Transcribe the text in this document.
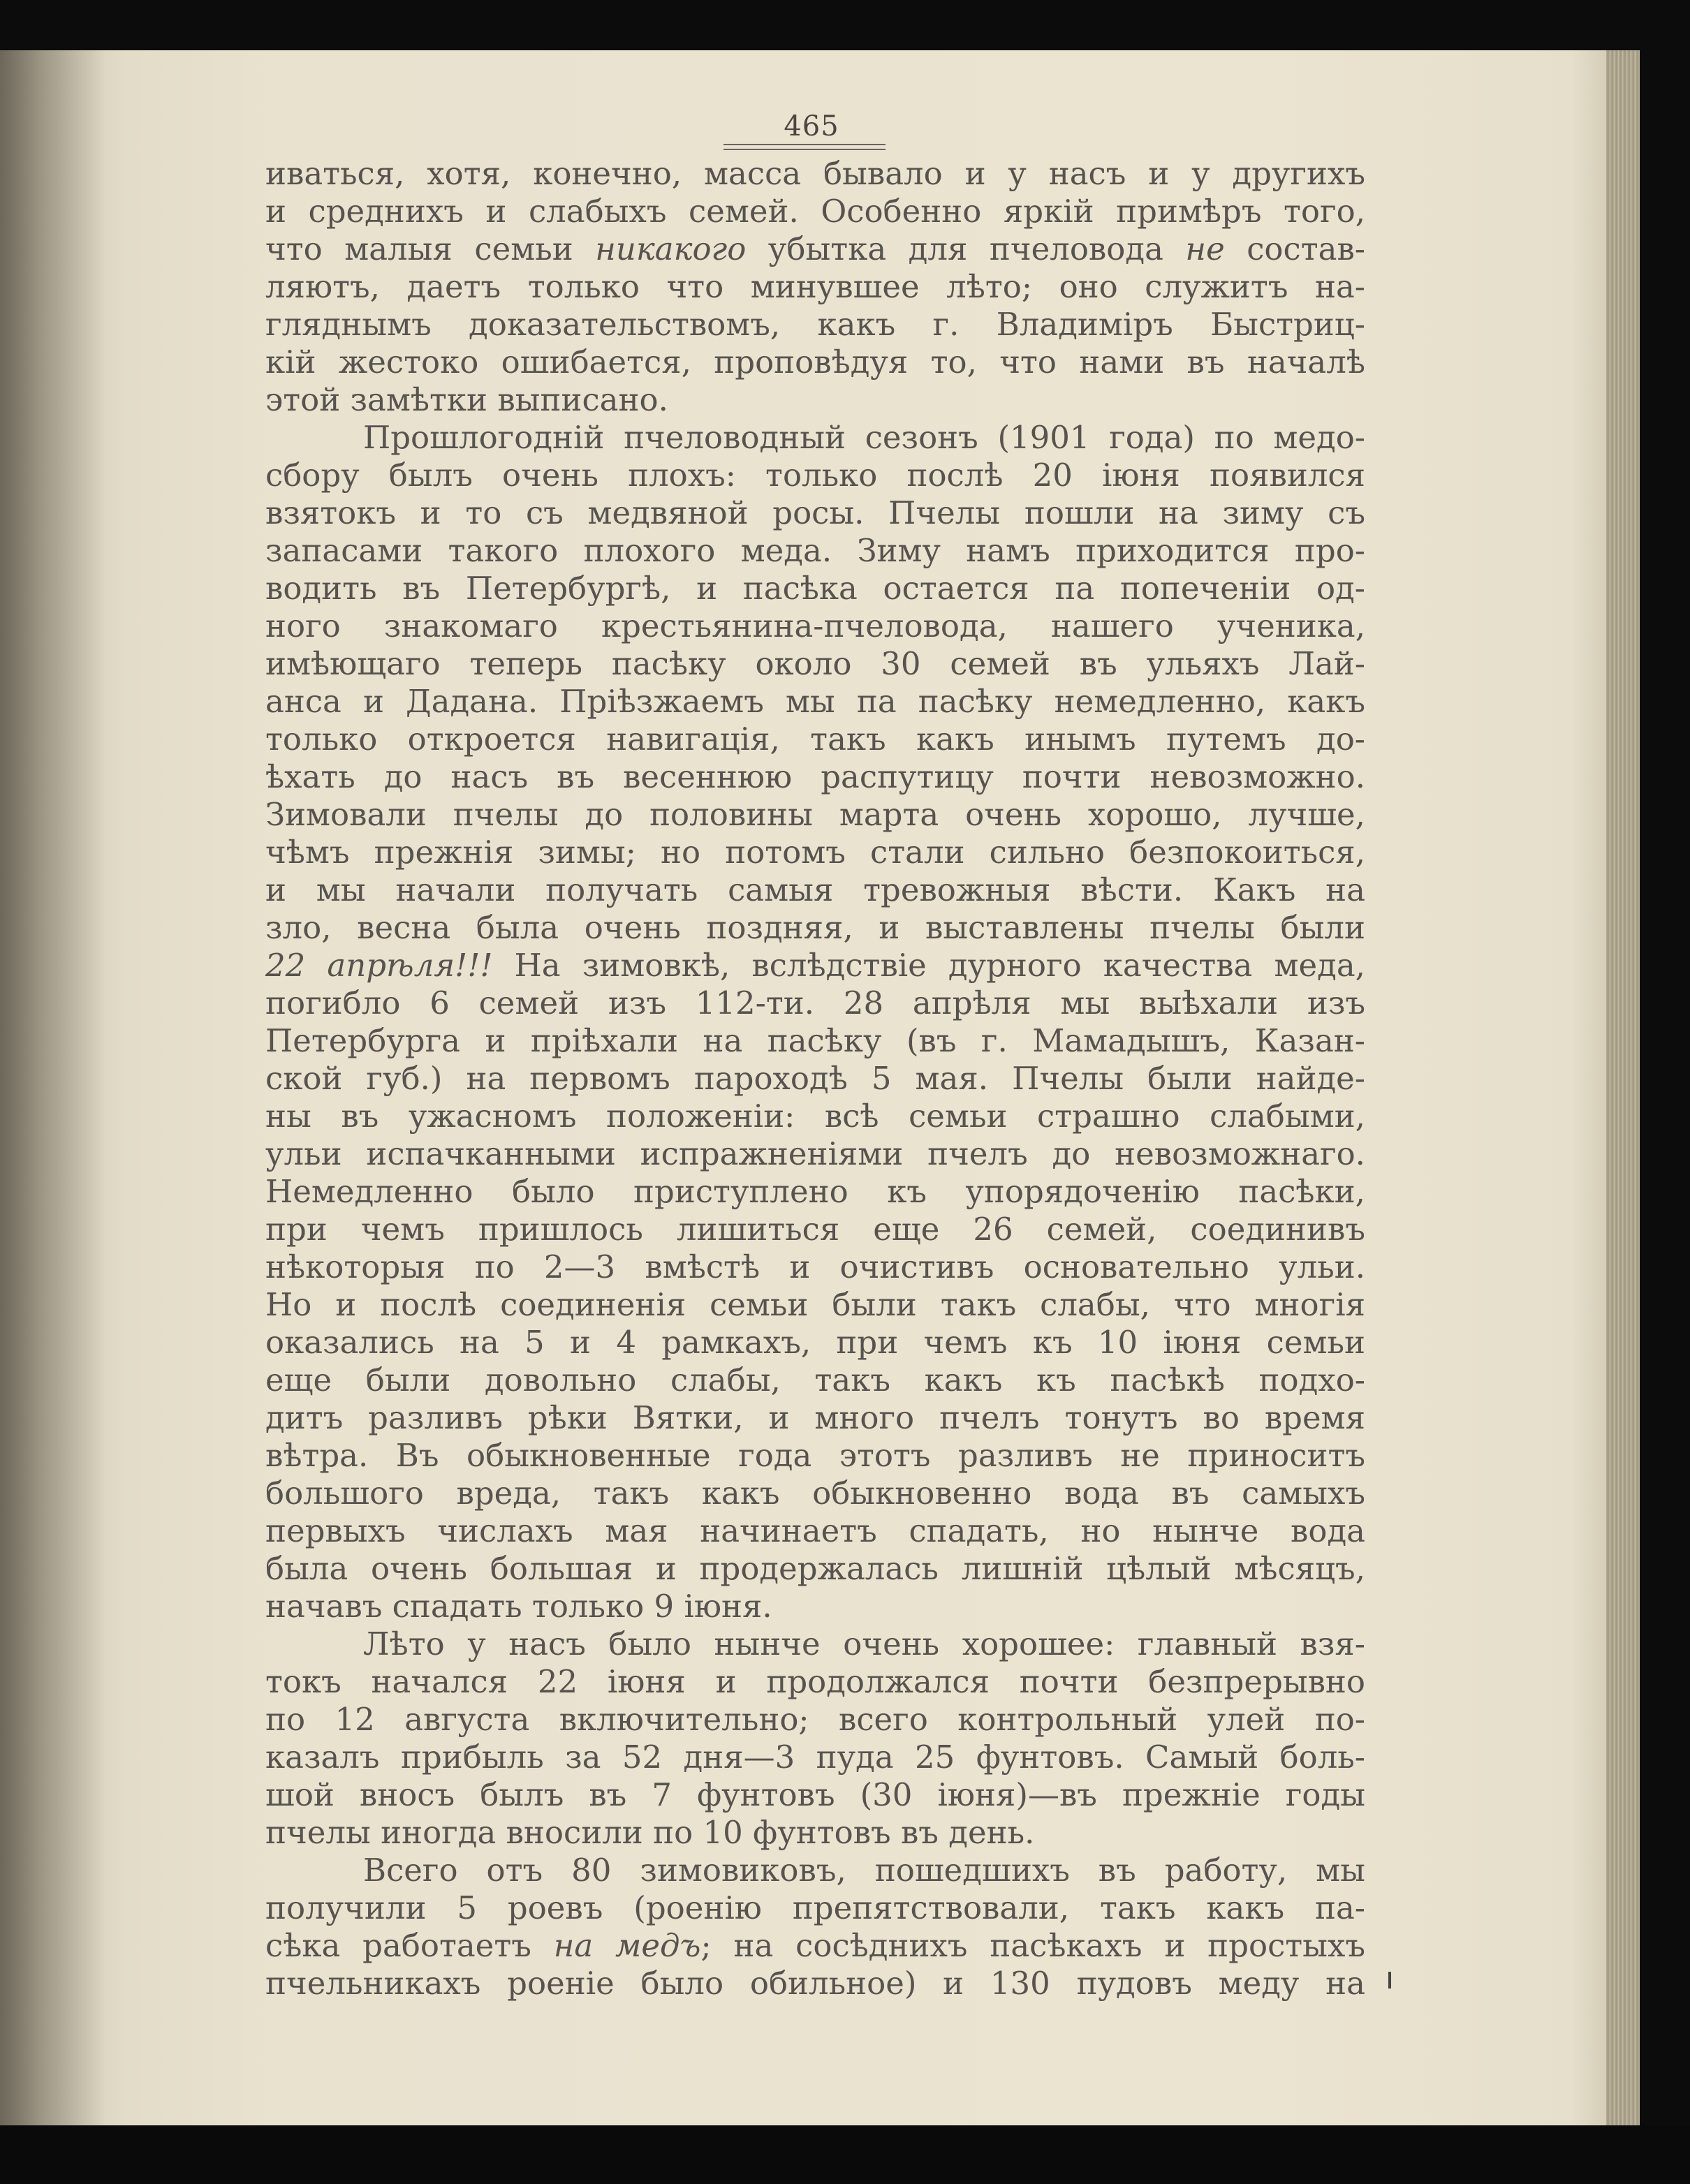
465
иваться, хотя, конечно, масса бывало и у насъ и у другихъ
и среднихъ и слабыхъ семей. Особенно яркій примѣръ того,
что малыя семьи никакого убытка для пчеловода не состав-
ляютъ, даетъ только что минувшее лѣто; оно служитъ на-
гляднымъ доказательствомъ, какъ г. Владиміръ Быстриц-
кій жестоко ошибается, проповѣдуя то, что нами въ началѣ
этой замѣтки выписано.
Прошлогодній пчеловодный сезонъ (1901 года) по медо-
сбору былъ очень плохъ: только послѣ 20 іюня появился
взятокъ и то съ медвяной росы. Пчелы пошли на зиму съ
запасами такого плохого меда. Зиму намъ приходится про-
водить въ Петербургѣ, и пасѣка остается па попеченіи од-
ного знакомаго крестьянина-пчеловода, нашего ученика,
имѣющаго теперь пасѣку около 30 семей въ ульяхъ Лай-
анса и Дадана. Пріѣзжаемъ мы па пасѣку немедленно, какъ
только откроется навигація, такъ какъ инымъ путемъ до-
ѣхать до насъ въ весеннюю распутицу почти невозможно.
Зимовали пчелы до половины марта очень хорошо, лучше,
чѣмъ прежнія зимы; но потомъ стали сильно безпокоиться,
и мы начали получать самыя тревожныя вѣсти. Какъ на
зло, весна была очень поздняя, и выставлены пчелы были
22 апрѣля!!! На зимовкѣ, вслѣдствіе дурного качества меда,
погибло 6 семей изъ 112-ти. 28 апрѣля мы выѣхали изъ
Петербурга и пріѣхали на пасѣку (въ г. Мамадышъ, Казан-
ской губ.) на первомъ пароходѣ 5 мая. Пчелы были найде-
ны въ ужасномъ положеніи: всѣ семьи страшно слабыми,
ульи испачканными испражненіями пчелъ до невозможнаго.
Немедленно было приступлено къ упорядоченію пасѣки,
при чемъ пришлось лишиться еще 26 семей, соединивъ
нѣкоторыя по 2—3 вмѣстѣ и очистивъ основательно ульи.
Но и послѣ соединенія семьи были такъ слабы, что многія
оказались на 5 и 4 рамкахъ, при чемъ къ 10 іюня семьи
еще были довольно слабы, такъ какъ къ пасѣкѣ подхо-
дитъ разливъ рѣки Вятки, и много пчелъ тонутъ во время
вѣтра. Въ обыкновенные года этотъ разливъ не приноситъ
большого вреда, такъ какъ обыкновенно вода въ самыхъ
первыхъ числахъ мая начинаетъ спадать, но нынче вода
была очень большая и продержалась лишній цѣлый мѣсяцъ,
начавъ спадать только 9 іюня.
Лѣто у насъ было нынче очень хорошее: главный взя-
токъ начался 22 іюня и продолжался почти безпрерывно
по 12 августа включительно; всего контрольный улей по-
казалъ прибыль за 52 дня—3 пуда 25 фунтовъ. Самый боль-
шой вносъ былъ въ 7 фунтовъ (30 іюня)—въ прежніе годы
пчелы иногда вносили по 10 фунтовъ въ день.
Всего отъ 80 зимовиковъ, пошедшихъ въ работу, мы
получили 5 роевъ (роенію препятствовали, такъ какъ па-
сѣка работаетъ на медъ; на сосѣднихъ пасѣкахъ и простыхъ
пчельникахъ роеніе было обильное) и 130 пудовъ меду на
